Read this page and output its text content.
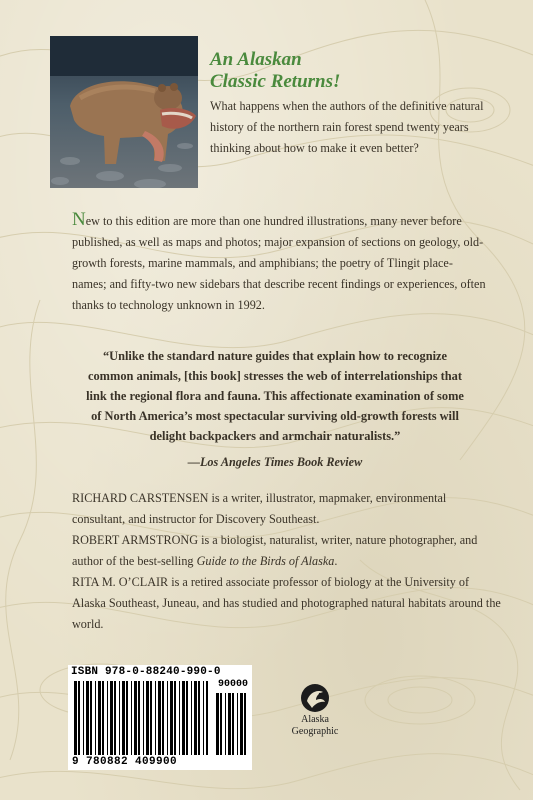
An Alaskan
Classic Returns!
What happens when the authors of the definitive natural history of the northern rain forest spend twenty years thinking about how to make it even better?
New to this edition are more than one hundred illustrations, many never before published, as well as maps and photos; major expansion of sections on geology, old-growth forests, marine mammals, and amphibians; the poetry of Tlingit place-names; and fifty-two new sidebars that describe recent findings or experiences, often thanks to technology unknown in 1992.
“Unlike the standard nature guides that explain how to recognize common animals, [this book] stresses the web of interrelationships that link the regional flora and fauna. This affectionate examination of some of North America’s most spectacular surviving old-growth forests will delight backpackers and armchair naturalists.”
—Los Angeles Times Book Review
RICHARD CARSTENSEN is a writer, illustrator, mapmaker, environmental consultant, and instructor for Discovery Southeast.
ROBERT ARMSTRONG is a biologist, naturalist, writer, nature photographer, and author of the best-selling Guide to the Birds of Alaska.
RITA M. O’CLAIR is a retired associate professor of biology at the University of Alaska Southeast, Juneau, and has studied and photographed natural habitats around the world.
ISBN 978-0-88240-990-0
90000
9 780882 409900
Alaska
Geographic
